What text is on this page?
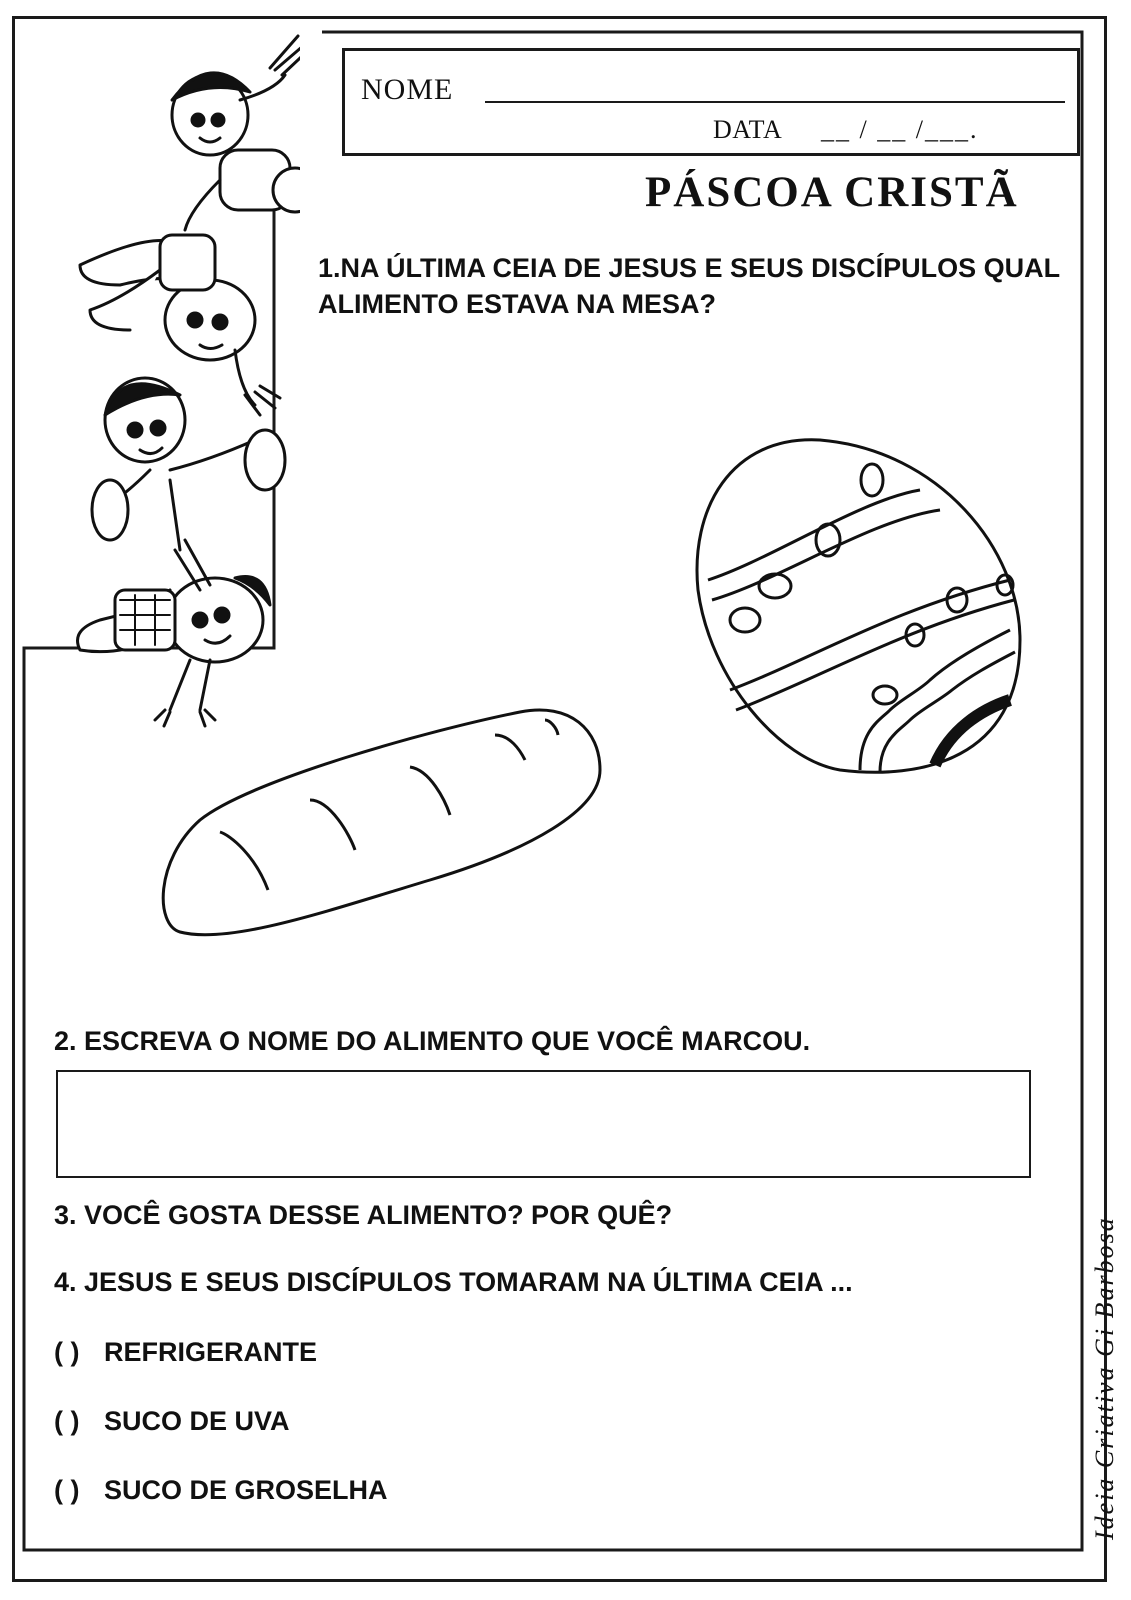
NOME
DATA __ / __ /___.
PÁSCOA CRISTÃ
1.NA ÚLTIMA CEIA DE JESUS E SEUS DISCÍPULOS QUAL ALIMENTO ESTAVA NA MESA?
2. ESCREVA O NOME DO ALIMENTO QUE VOCÊ MARCOU.
3. VOCÊ GOSTA DESSE ALIMENTO? POR QUÊ?
4. JESUS E SEUS DISCÍPULOS TOMARAM NA ÚLTIMA CEIA ...
( ) REFRIGERANTE
( ) SUCO DE UVA
( ) SUCO DE GROSELHA	Ideia Criativa Gi Barbosa
